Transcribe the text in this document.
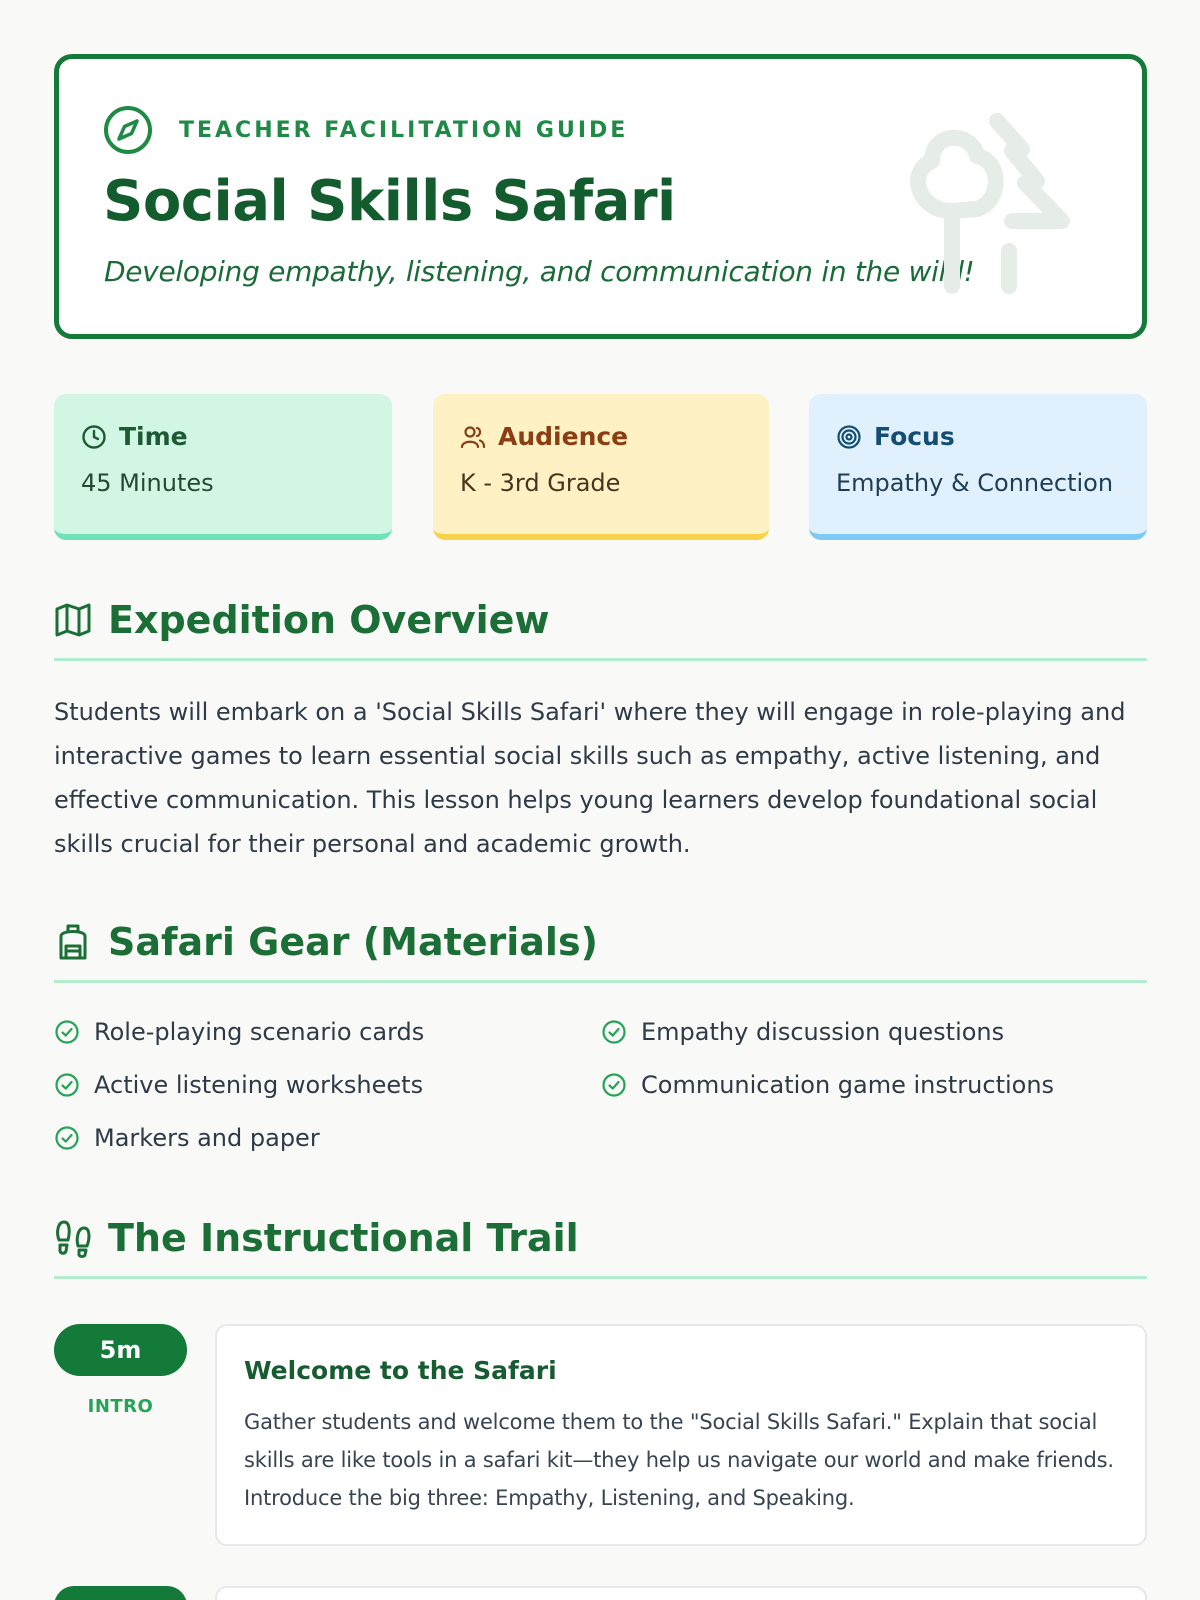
TEACHER FACILITATION GUIDE
Social Skills Safari
Developing empathy, listening, and communication in the wild!
Time
45 Minutes
Audience
K - 3rd Grade
Focus
Empathy & Connection
Expedition Overview
Students will embark on a 'Social Skills Safari' where they will engage in role-playing and interactive games to learn essential social skills such as empathy, active listening, and effective communication. This lesson helps young learners develop foundational social skills crucial for their personal and academic growth.
Safari Gear (Materials)
Role-playing scenario cards	Empathy discussion questions
Active listening worksheets	Communication game instructions
Markers and paper
The Instructional Trail
5m
INTRO
Welcome to the Safari
Gather students and welcome them to the "Social Skills Safari." Explain that social skills are like tools in a safari kit—they help us navigate our world and make friends. Introduce the big three: Empathy, Listening, and Speaking.
